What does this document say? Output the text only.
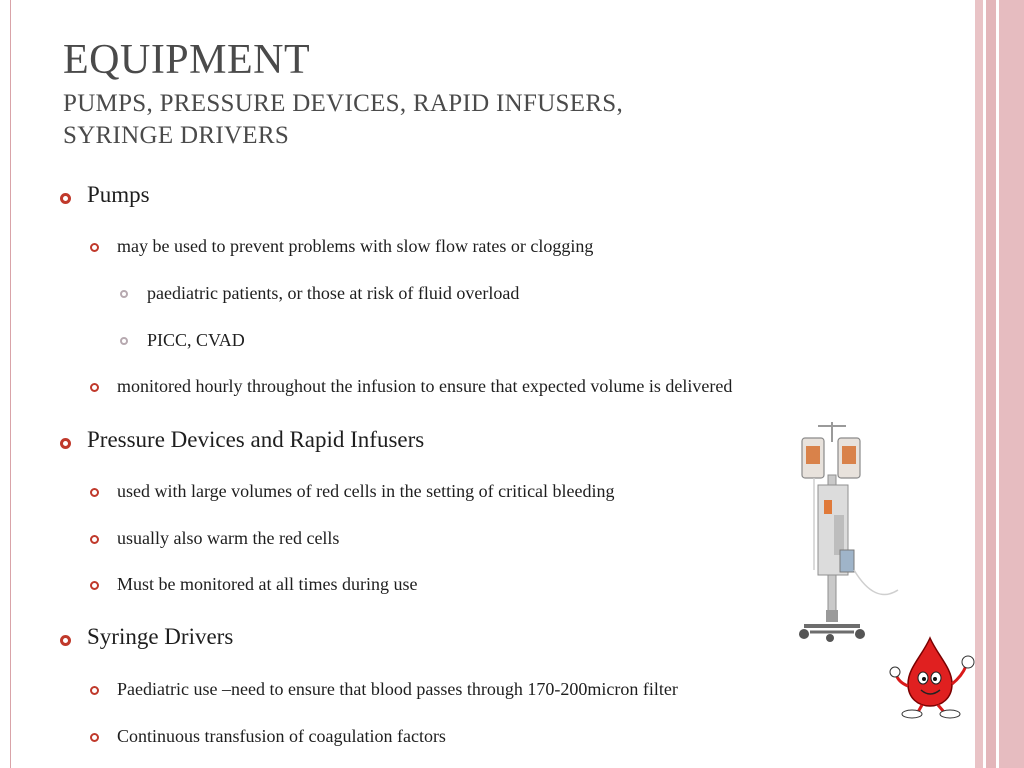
EQUIPMENT
PUMPS, PRESSURE DEVICES, RAPID INFUSERS,
SYRINGE DRIVERS
Pumps
may be used to prevent problems with slow flow rates or clogging
paediatric patients, or those at risk of fluid overload
PICC, CVAD
monitored hourly throughout the infusion to ensure that expected volume is delivered
Pressure Devices and Rapid Infusers
used with large volumes of red cells in the setting of critical bleeding
usually also warm the red cells
Must be monitored at all times during use
Syringe Drivers
Paediatric use –need to ensure that blood passes through 170-200micron filter
Continuous transfusion of coagulation factors
